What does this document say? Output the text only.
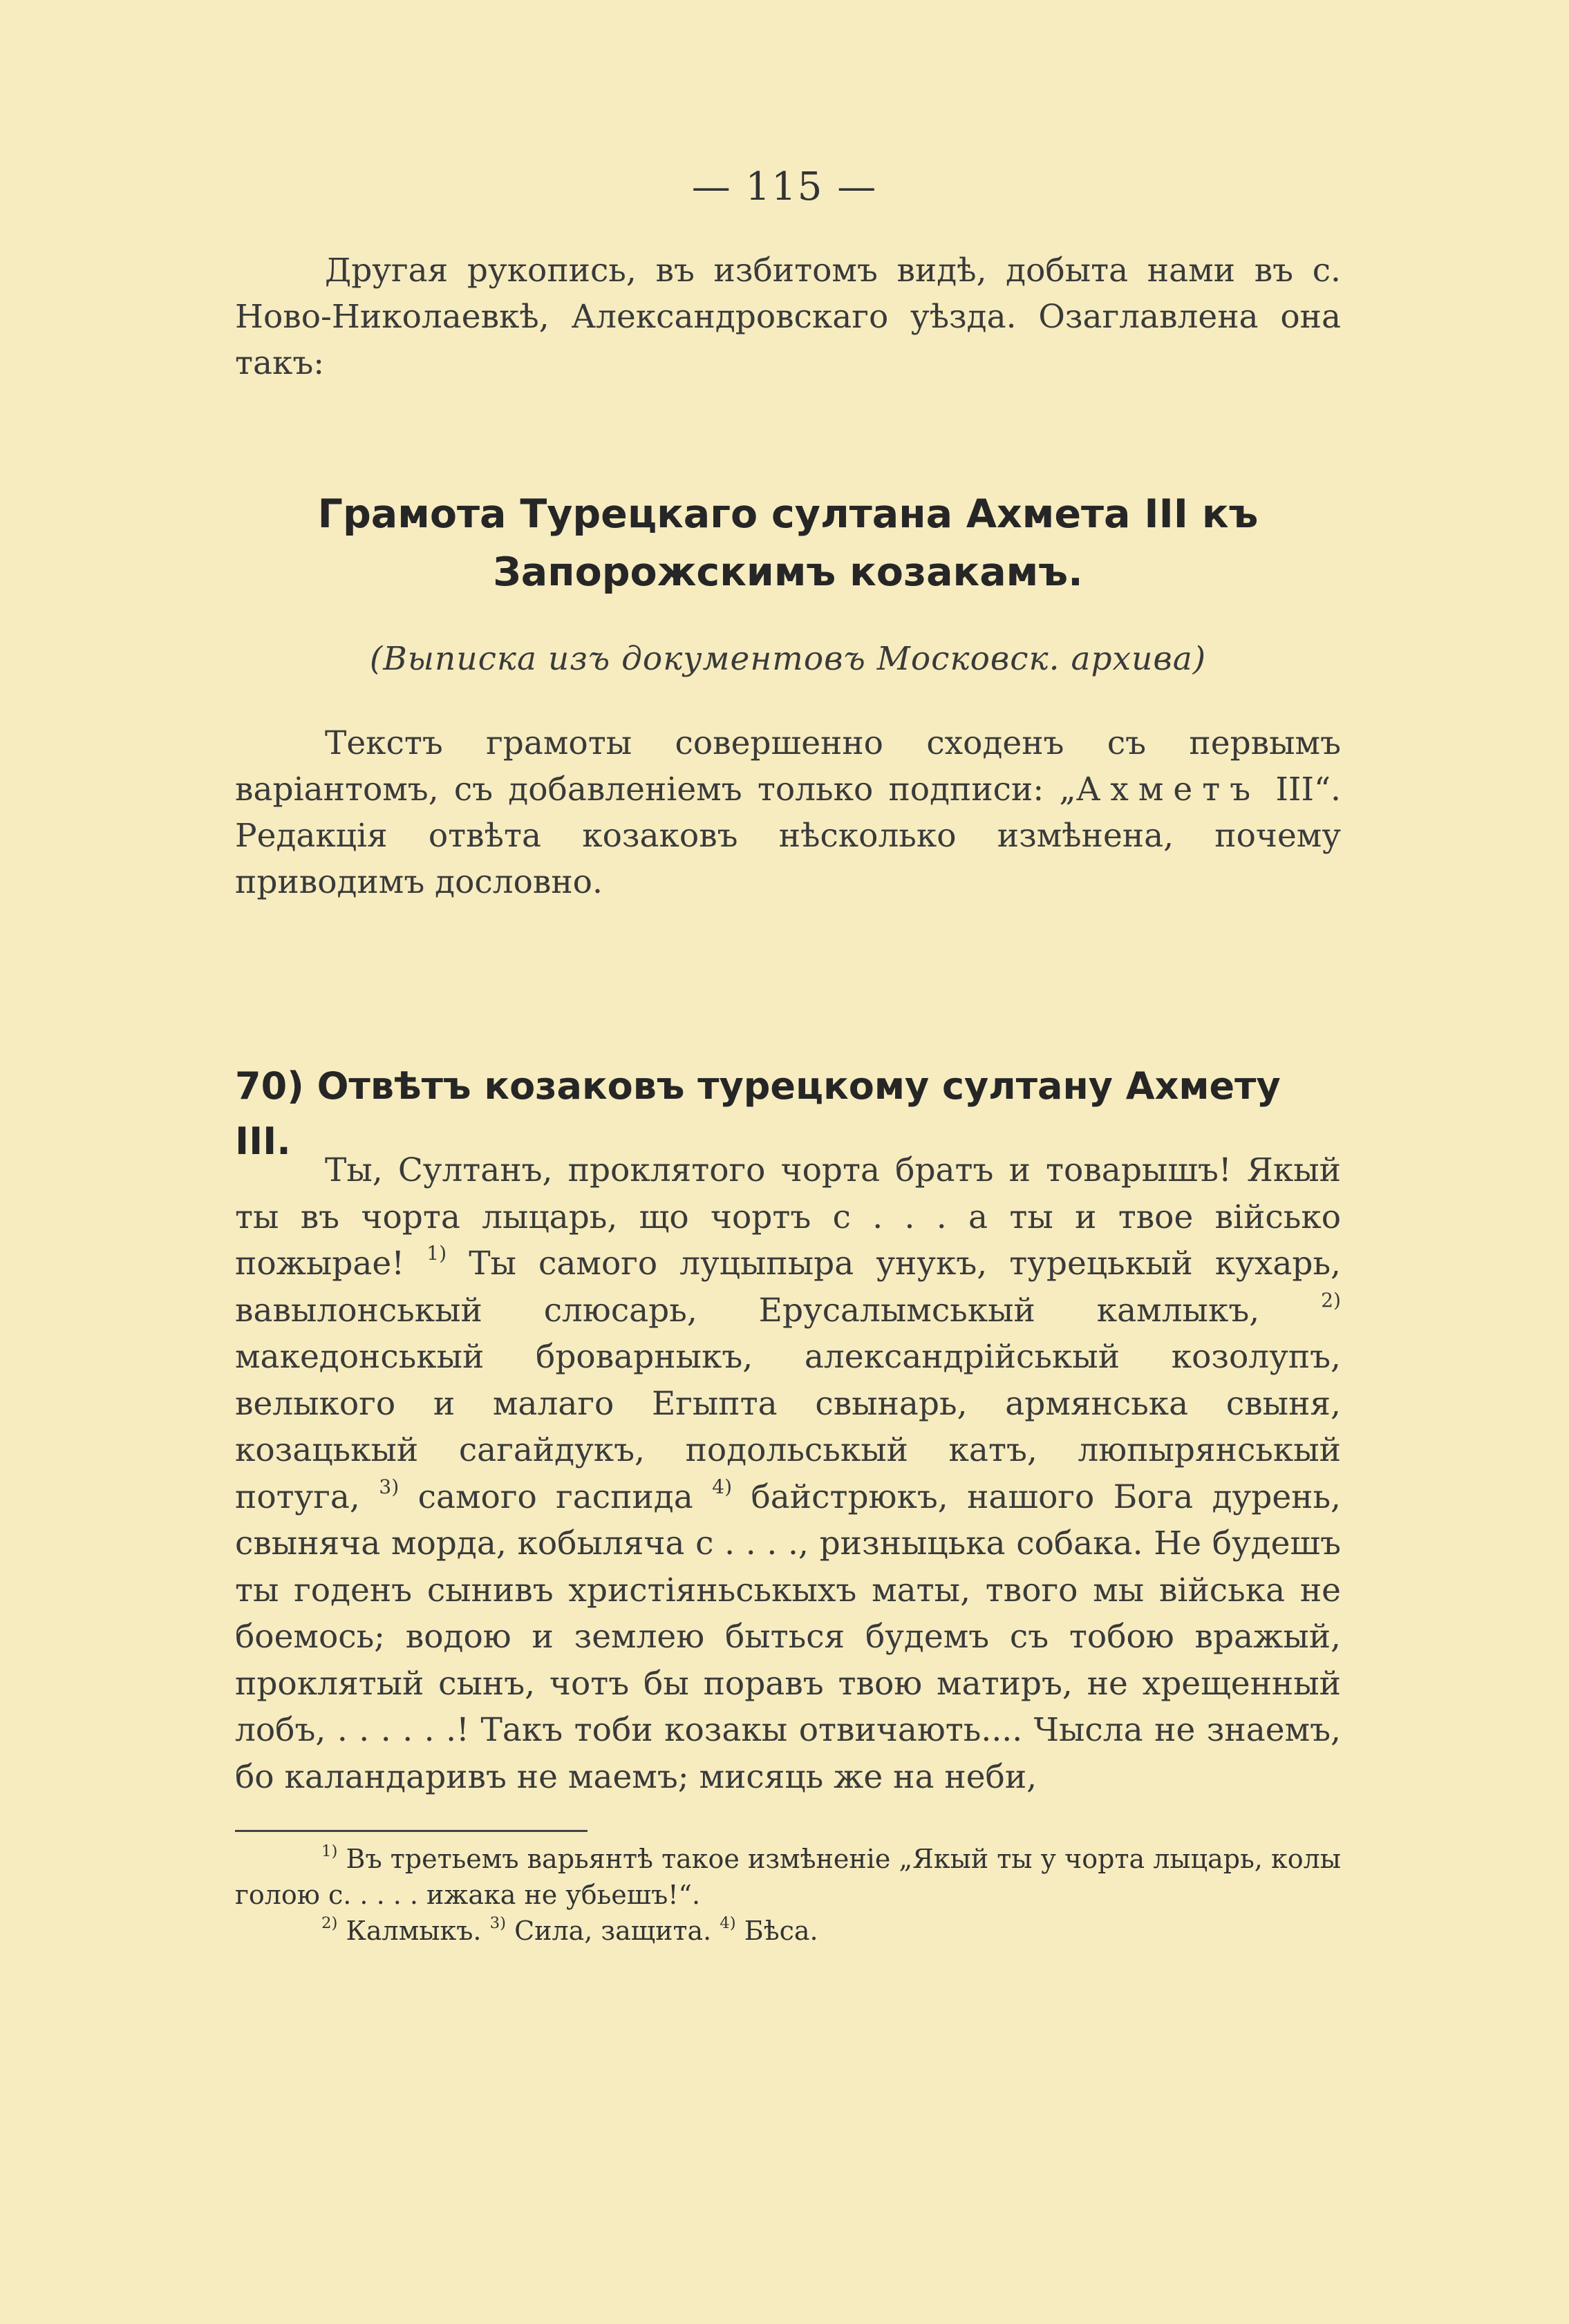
— 115 —
Другая рукопись, въ избитомъ видѣ, добыта нами въ с. Ново-Николаевкѣ, Александровскаго уѣзда. Озаглавлена она такъ:
Грамота Турецкаго султана Ахмета III къ Запорожскимъ козакамъ.
(Выписка изъ документовъ Московск. архива)
Текстъ грамоты совершенно сходенъ съ первымъ варіантомъ, съ добавленіемъ только подписи: „Ахметъ III“. Редакція отвѣта козаковъ нѣсколько измѣнена, почему приводимъ дословно.
70) Отвѣтъ козаковъ турецкому султану Ахмету III.
Ты, Султанъ, проклятого чорта братъ и товарышъ! Якый ты въ чорта лыцарь, що чортъ с . . . а ты и твое військо пожырае! $^{1)}$ Ты самого луцыпыра унукъ, турецькый кухарь, вавылонськый слюсарь, Ерусалымськый камлыкъ, $^{2)}$ македонськый броварныкъ, александрійськый козолупъ, велыкого и малаго Егыпта свынарь, армянська свыня, козацькый сагайдукъ, подольськый катъ, люпырянськый потуга, $^{3)}$ самого гаспида $^{4)}$ байстрюкъ, нашого Бога дурень, свыняча морда, кобыляча с . . . ., ризныцька собака. Не будешъ ты годенъ сынивъ христіяньськыхъ маты, твого мы війська не боемось; водою и землею быться будемъ съ тобою вражый, проклятый сынъ, чотъ бы поравъ твою матиръ, не хрещенный лобъ, . . . . . .! Такъ тоби козакы отвичають.... Чысла не знаемъ, бо каландаривъ не маемъ; мисяць же на неби,
$^{1)}$ Въ третьемъ варьянтѣ такое измѣненіе „Якый ты у чорта лыцарь, колы голою с. . . . . ижака не убьешъ!“.
$^{2)}$ Калмыкъ. $^{3)}$ Сила, защита. $^{4)}$ Бѣса.
